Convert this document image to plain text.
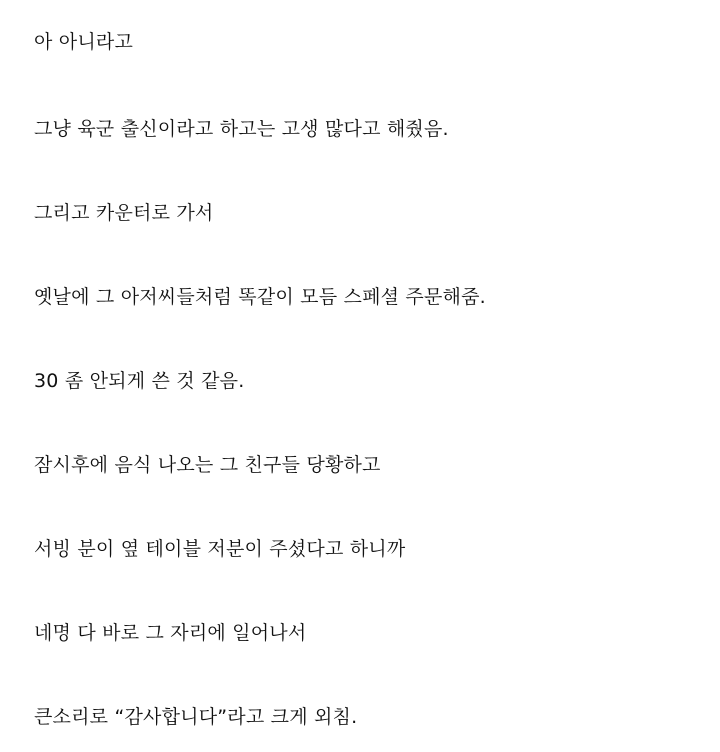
아 아니라고

그냥 육군 출신이라고 하고는 고생 많다고 해줬음.

그리고 카운터로 가서

옛날에 그 아저씨들처럼 똑같이 모듬 스페셜 주문해줌.

30 좀 안되게 쓴 것 같음.

잠시후에 음식 나오는 그 친구들 당황하고

서빙 분이 옆 테이블 저분이 주셨다고 하니까

네명 다 바로 그 자리에 일어나서

큰소리로 “감사합니다”라고 크게 외침.
